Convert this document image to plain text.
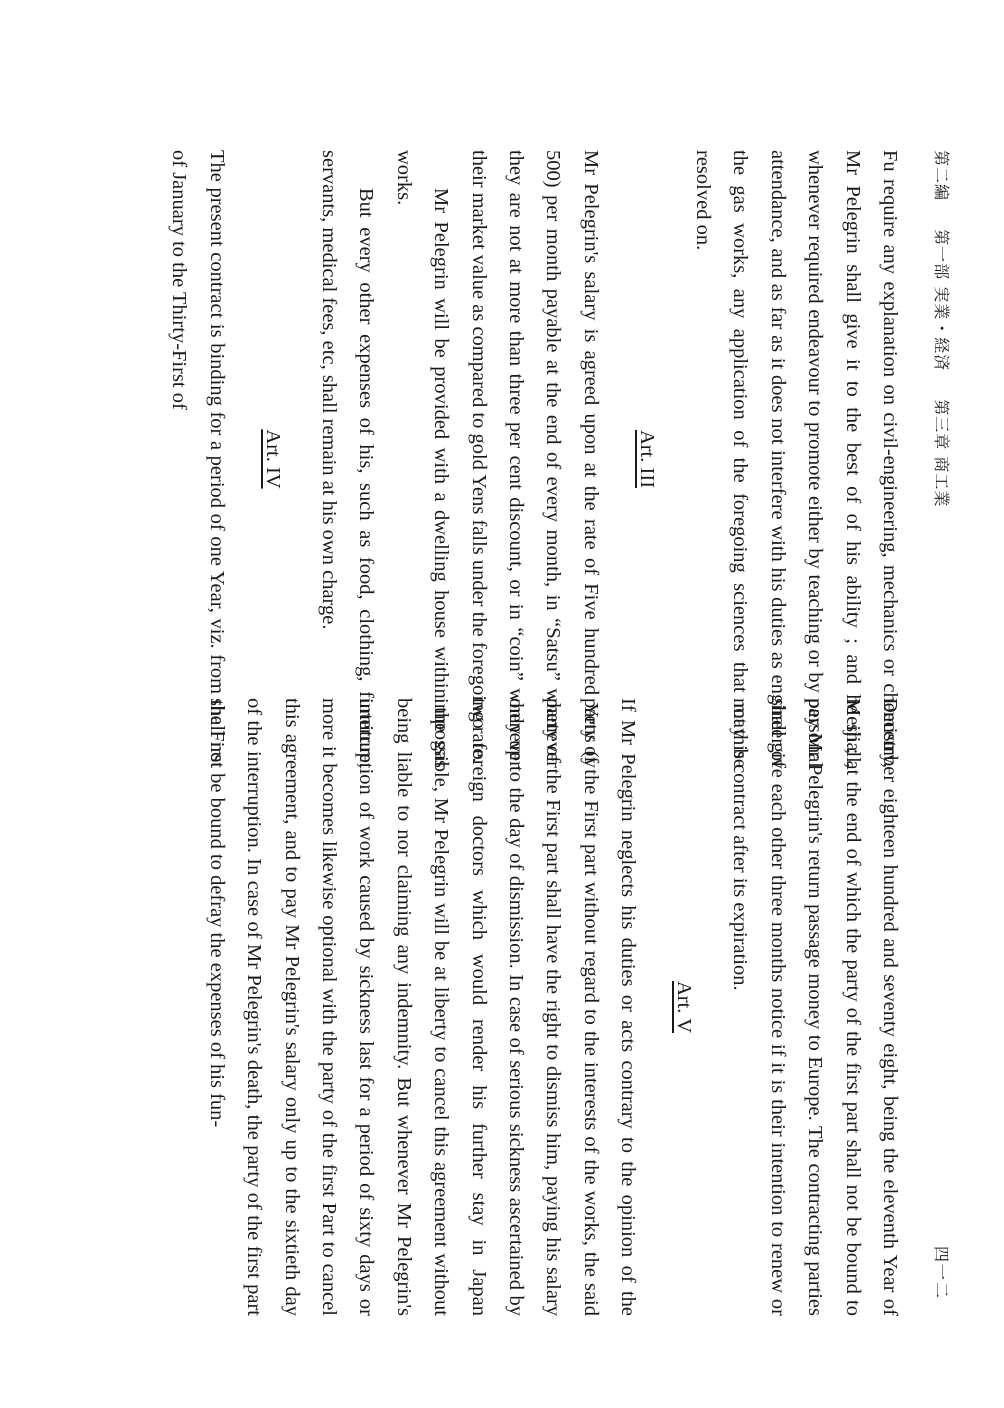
第二編 第一部 実業・経済 第三章 商工業
四一二

Fu require any explanation on civil-engineering, mechanics or chemistry, Mr Pelegrin shall give it to the best of of his ability ; and he shall, whenever required endeavour to promote either by teaching or by personal attendance, and as far as it does not interfere with his duties as engineer of the gas works, any application of the foregoing sciences that may be resolved on.

Art. III

Mr Pelegrin's salary is agreed upon at the rate of Five hundred Yens (y 500) per month payable at the end of every month, in “Satsu” whenever they are not at more than three per cent discount, or in “coin” whenever their market value as compared to gold Yens falls under the foregoing rate.

Mr Pelegrin will be provided with a dwelling house within the gas works.

But every other expenses of his, such as food, clothing, furniture, servants, medical fees, etc, shall remain at his own charge.

Art. IV

The present contract is binding for a period of one Year, viz. from the First of January to the Thirty-First of

December eighteen hundred and seventy eight, being the eleventh Year of Meiji ; at the end of which the party of the first part shall not be bound to pay Mr Pelegrin's return passage money to Europe. The contracting parties shall give each other three months notice if it is their intention to renew or not this contract after its expiration.

Art. V

If Mr Pelegrin neglects his duties or acts contrary to the opinion of the party of the First part without regard to the interests of the works, the said party of the First part shall have the right to dismiss him, paying his salary only up to the day of dismission. In case of serious sickness ascertained by two foreign doctors which would render his further stay in Japan impossible, Mr Pelegrin will be at liberty to cancel this agreement without being liable to nor claiming any indemnity. But whenever Mr Pelegrin's interruption of work caused by sickness last for a period of sixty days or more it becomes likewise optional with the party of the first Part to cancel this agreement, and to pay Mr Pelegrin's salary only up to the sixtieth day of the interruption. In case of Mr Pelegrin's death, the party of the first part shall not be bound to defray the expenses of his fun-
